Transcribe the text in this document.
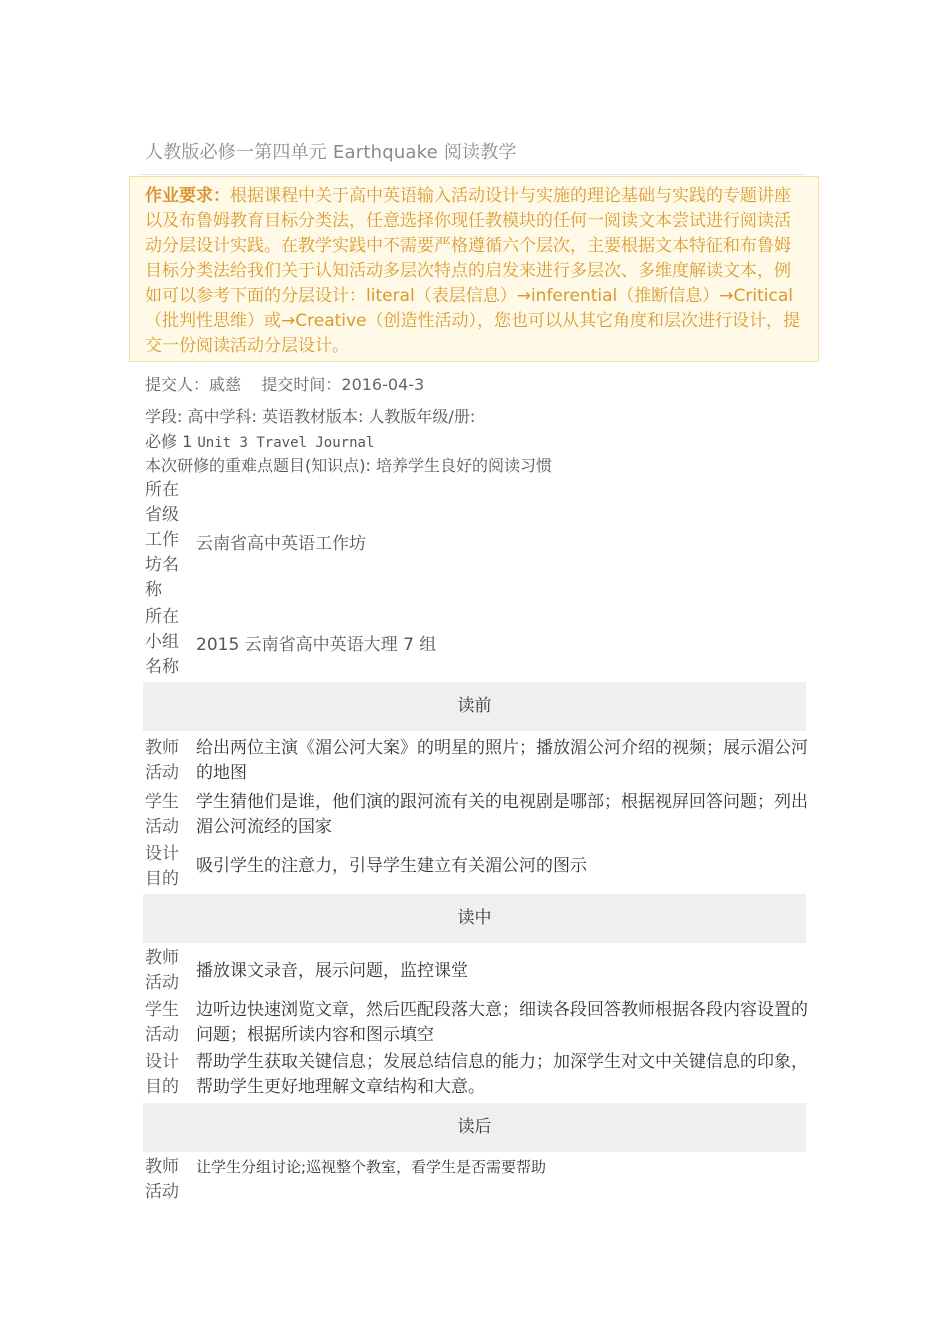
人教版必修一第四单元 Earthquake 阅读教学
作业要求：根据课程中关于高中英语输入活动设计与实施的理论基础与实践的专题讲座以及布鲁姆教育目标分类法，任意选择你现任教模块的任何一阅读文本尝试进行阅读活动分层设计实践。在教学实践中不需要严格遵循六个层次，主要根据文本特征和布鲁姆目标分类法给我们关于认知活动多层次特点的启发来进行多层次、多维度解读文本，例如可以参考下面的分层设计：literal（表层信息）→inferential（推断信息）→Critical（批判性思维）或→Creative（创造性活动），您也可以从其它角度和层次进行设计，提交一份阅读活动分层设计。
提交人：戚慈 提交时间：2016-04-3
学段: 高中学科: 英语教材版本: 人教版年级/册:
必修 1 Unit 3 Travel Journal
本次研修的重难点题目(知识点): 培养学生良好的阅读习惯
所在省级工作坊名称
云南省高中英语工作坊
所在小组名称
2015 云南省高中英语大理 7 组
读前
教师活动
给出两位主演《湄公河大案》的明星的照片；播放湄公河介绍的视频；展示湄公河的地图
学生活动
学生猜他们是谁，他们演的跟河流有关的电视剧是哪部；根据视屏回答问题；列出湄公河流经的国家
设计目的
吸引学生的注意力，引导学生建立有关湄公河的图示
读中
教师活动
播放课文录音，展示问题，监控课堂
学生活动
边听边快速浏览文章，然后匹配段落大意；细读各段回答教师根据各段内容设置的问题；根据所读内容和图示填空
设计目的
帮助学生获取关键信息；发展总结信息的能力；加深学生对文中关键信息的印象，帮助学生更好地理解文章结构和大意。
读后
教师活动
让学生分组讨论;巡视整个教室，看学生是否需要帮助
